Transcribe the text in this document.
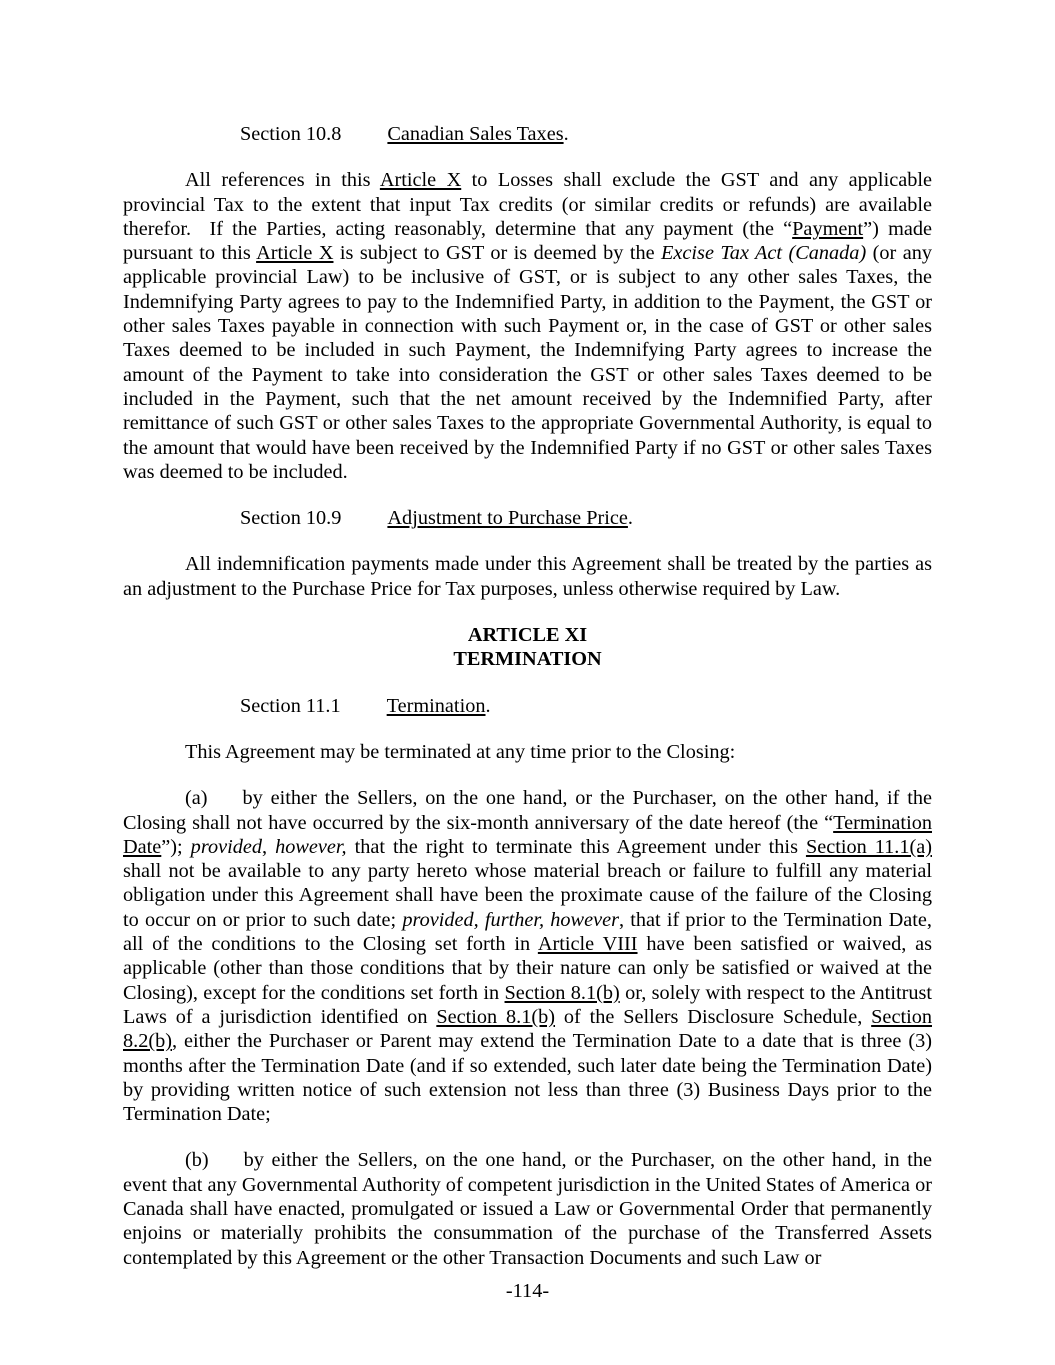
Section 10.8 Canadian Sales Taxes.

All references in this Article X to Losses shall exclude the GST and any applicable provincial Tax to the extent that input Tax credits (or similar credits or refunds) are available therefor.  If the Parties, acting reasonably, determine that any payment (the “Payment”) made pursuant to this Article X is subject to GST or is deemed by the Excise Tax Act (Canada) (or any applicable provincial Law) to be inclusive of GST, or is subject to any other sales Taxes, the Indemnifying Party agrees to pay to the Indemnified Party, in addition to the Payment, the GST or other sales Taxes payable in connection with such Payment or, in the case of GST or other sales Taxes deemed to be included in such Payment, the Indemnifying Party agrees to increase the amount of the Payment to take into consideration the GST or other sales Taxes deemed to be included in the Payment, such that the net amount received by the Indemnified Party, after remittance of such GST or other sales Taxes to the appropriate Governmental Authority, is equal to the amount that would have been received by the Indemnified Party if no GST or other sales Taxes was deemed to be included.

Section 10.9 Adjustment to Purchase Price.

All indemnification payments made under this Agreement shall be treated by the parties as an adjustment to the Purchase Price for Tax purposes, unless otherwise required by Law.

ARTICLE XI
TERMINATION

Section 11.1 Termination.

This Agreement may be terminated at any time prior to the Closing:

(a) by either the Sellers, on the one hand, or the Purchaser, on the other hand, if the Closing shall not have occurred by the six-month anniversary of the date hereof (the “Termination Date”); provided, however, that the right to terminate this Agreement under this Section 11.1(a) shall not be available to any party hereto whose material breach or failure to fulfill any material obligation under this Agreement shall have been the proximate cause of the failure of the Closing to occur on or prior to such date; provided, further, however, that if prior to the Termination Date, all of the conditions to the Closing set forth in Article VIII have been satisfied or waived, as applicable (other than those conditions that by their nature can only be satisfied or waived at the Closing), except for the conditions set forth in Section 8.1(b) or, solely with respect to the Antitrust Laws of a jurisdiction identified on Section 8.1(b) of the Sellers Disclosure Schedule, Section 8.2(b), either the Purchaser or Parent may extend the Termination Date to a date that is three (3) months after the Termination Date (and if so extended, such later date being the Termination Date) by providing written notice of such extension not less than three (3) Business Days prior to the Termination Date;

(b) by either the Sellers, on the one hand, or the Purchaser, on the other hand, in the event that any Governmental Authority of competent jurisdiction in the United States of America or Canada shall have enacted, promulgated or issued a Law or Governmental Order that permanently enjoins or materially prohibits the consummation of the purchase of the Transferred Assets contemplated by this Agreement or the other Transaction Documents and such Law or

-114-
